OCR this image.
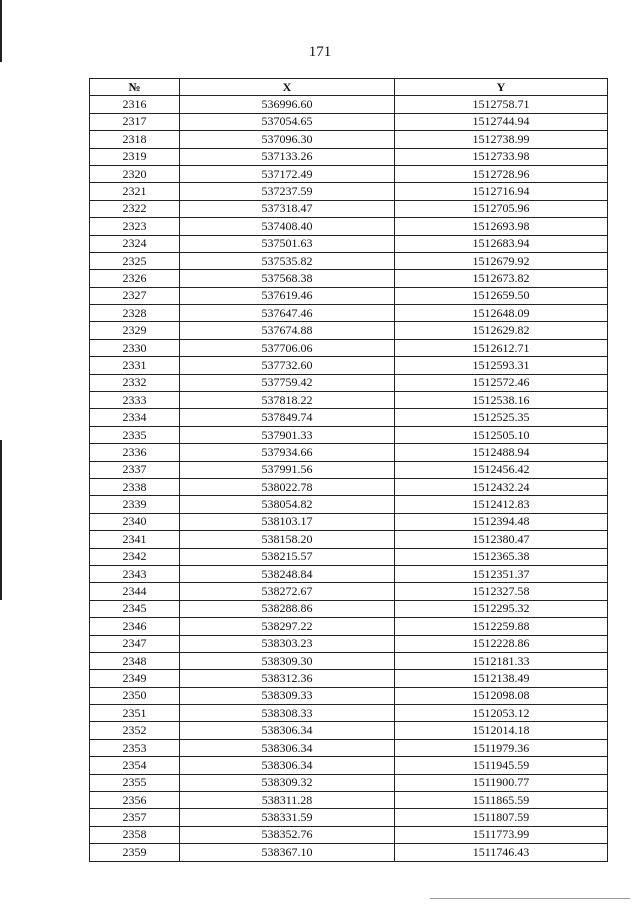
171
№	X	Y
2316	536996.60	1512758.71
2317	537054.65	1512744.94
2318	537096.30	1512738.99
2319	537133.26	1512733.98
2320	537172.49	1512728.96
2321	537237.59	1512716.94
2322	537318.47	1512705.96
2323	537408.40	1512693.98
2324	537501.63	1512683.94
2325	537535.82	1512679.92
2326	537568.38	1512673.82
2327	537619.46	1512659.50
2328	537647.46	1512648.09
2329	537674.88	1512629.82
2330	537706.06	1512612.71
2331	537732.60	1512593.31
2332	537759.42	1512572.46
2333	537818.22	1512538.16
2334	537849.74	1512525.35
2335	537901.33	1512505.10
2336	537934.66	1512488.94
2337	537991.56	1512456.42
2338	538022.78	1512432.24
2339	538054.82	1512412.83
2340	538103.17	1512394.48
2341	538158.20	1512380.47
2342	538215.57	1512365.38
2343	538248.84	1512351.37
2344	538272.67	1512327.58
2345	538288.86	1512295.32
2346	538297.22	1512259.88
2347	538303.23	1512228.86
2348	538309.30	1512181.33
2349	538312.36	1512138.49
2350	538309.33	1512098.08
2351	538308.33	1512053.12
2352	538306.34	1512014.18
2353	538306.34	1511979.36
2354	538306.34	1511945.59
2355	538309.32	1511900.77
2356	538311.28	1511865.59
2357	538331.59	1511807.59
2358	538352.76	1511773.99
2359	538367.10	1511746.43
